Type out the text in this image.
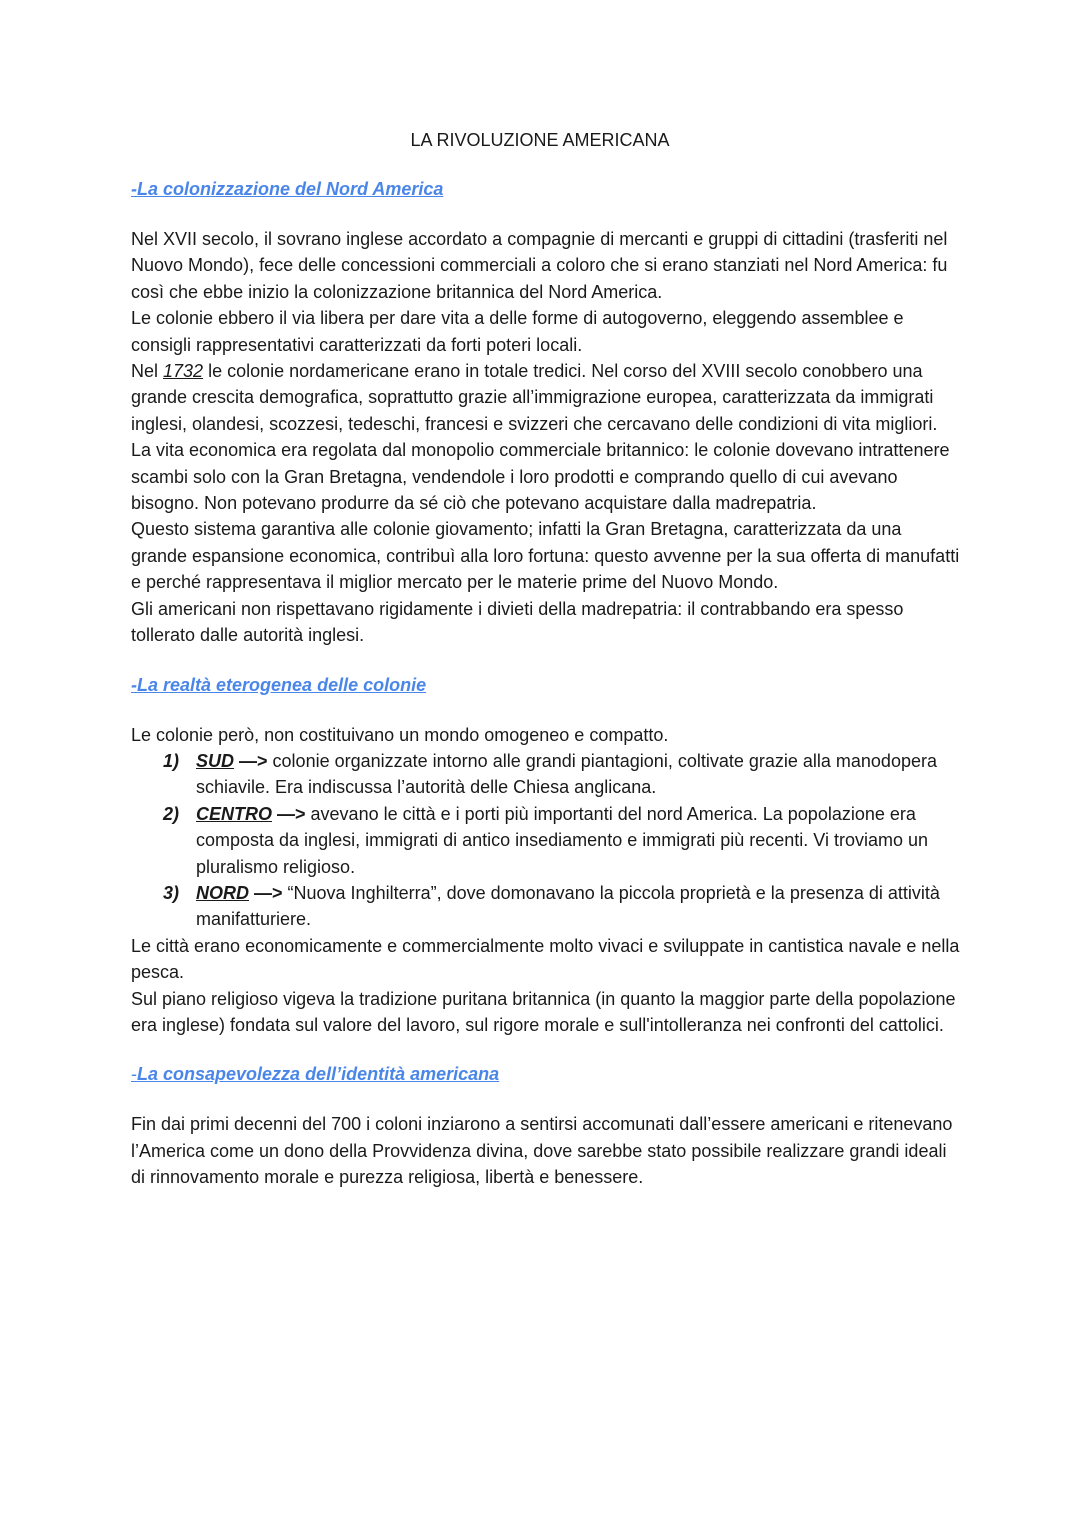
LA RIVOLUZIONE AMERICANA
-La colonizzazione del Nord America

Nel XVII secolo, il sovrano inglese accordato a compagnie di mercanti e gruppi di cittadini (trasferiti nel Nuovo Mondo), fece delle concessioni commerciali a coloro che si erano stanziati nel Nord America: fu così che ebbe inizio la colonizzazione britannica del Nord America.

Le colonie ebbero il via libera per dare vita a delle forme di autogoverno, eleggendo assemblee e consigli rappresentativi caratterizzati da forti poteri locali.

Nel 1732 le colonie nordamericane erano in totale tredici. Nel corso del XVIII secolo conobbero una grande crescita demografica, soprattutto grazie all’immigrazione europea, caratterizzata da immigrati inglesi, olandesi, scozzesi, tedeschi, francesi e svizzeri che cercavano delle condizioni di vita migliori.

La vita economica era regolata dal monopolio commerciale britannico: le colonie dovevano intrattenere scambi solo con la Gran Bretagna, vendendole i loro prodotti e comprando quello di cui avevano bisogno. Non potevano produrre da sé ciò che potevano acquistare dalla madrepatria.

Questo sistema garantiva alle colonie giovamento; infatti la Gran Bretagna, caratterizzata da una grande espansione economica, contribuì alla loro fortuna: questo avvenne per la sua offerta di manufatti e perché rappresentava il miglior mercato per le materie prime del Nuovo Mondo.

Gli americani non rispettavano rigidamente i divieti della madrepatria: il contrabbando era spesso tollerato dalle autorità inglesi.

-La realtà eterogenea delle colonie

Le colonie però, non costituivano un mondo omogeneo e compatto.

1) SUD —> colonie organizzate intorno alle grandi piantagioni, coltivate grazie alla manodopera schiavile. Era indiscussa l’autorità delle Chiesa anglicana.
2) CENTRO —> avevano le città e i porti più importanti del nord America. La popolazione era composta da inglesi, immigrati di antico insediamento e immigrati più recenti. Vi troviamo un pluralismo religioso.
3) NORD —> “Nuova Inghilterra”, dove domonavano la piccola proprietà e la presenza di attività manifatturiere.

Le città erano economicamente e commercialmente molto vivaci e sviluppate in cantistica navale e nella pesca.

Sul piano religioso vigeva la tradizione puritana britannica (in quanto la maggior parte della popolazione era inglese) fondata sul valore del lavoro, sul rigore morale e sull'intolleranza nei confronti del cattolici.

-La consapevolezza dell’identità americana

Fin dai primi decenni del 700 i coloni inziarono a sentirsi accomunati dall’essere americani e ritenevano l’America come un dono della Provvidenza divina, dove sarebbe stato possibile realizzare grandi ideali di rinnovamento morale e purezza religiosa, libertà e benessere.
